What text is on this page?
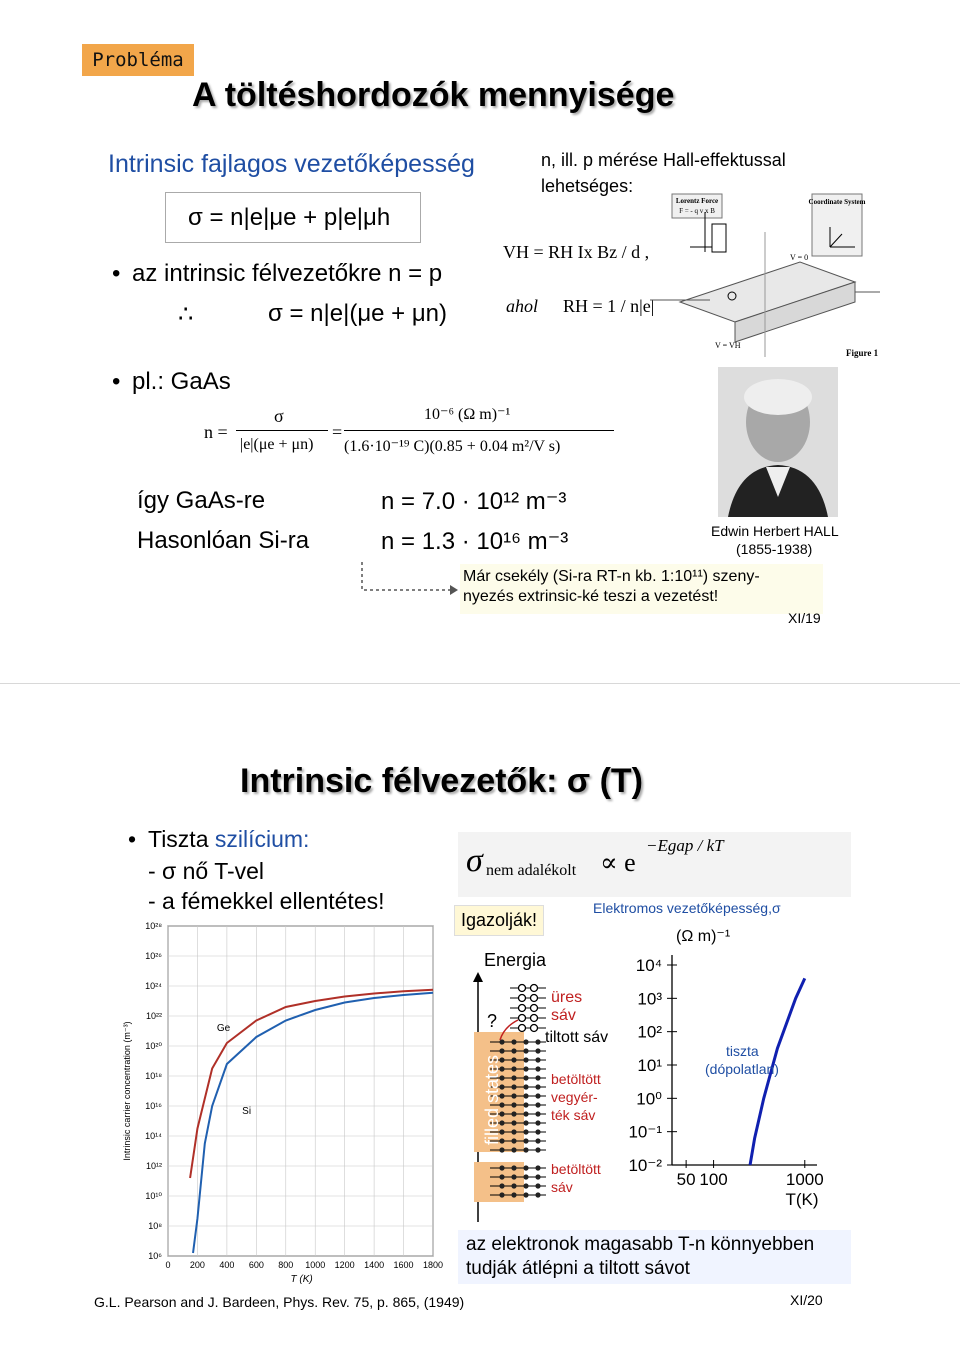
Probléma
A töltéshordozók mennyisége
Intrinsic fajlagos vezetőképesség
σ = n|e|μe + p|e|μh
• az intrinsic félvezetőkre n = p
∴	σ = n|e|(μe + μn)
n, ill. p mérése Hall-effektussal
lehetséges:
VH = RH Ix Bz / d ,
ahol RH = 1 / n|e|
Lorentz Force
F = - q v x B
Coordinate System
V = 0
V = VH
Figure 1
• pl.: GaAs
n =
σ
|e|(μe + μn)
=
10⁻⁶ (Ω m)⁻¹
(1.6·10⁻¹⁹ C)(0.85 + 0.04 m²/V s)
így GaAs-re	n = 7.0 · 10¹² m⁻³
Hasonlóan Si-ra	n = 1.3 · 10¹⁶ m⁻³	Edwin Herbert HALL
(1855-1938)
Már csekély (Si-ra RT-n kb. 1:10¹¹) szeny-
nyezés extrinsic-ké teszi a vezetést!
XI/19
Intrinsic félvezetők: σ (T)
• Tiszta szilícium:
- σ nő T-vel
- a fémekkel ellentétes!
10⁶
10⁸
10¹⁰
10¹²
10¹⁴
10¹⁶
10¹⁸
10²⁰
10²²
10²⁴
10²⁶
10²⁸
0 200 400 600 800 1000 1200 1400 1600 1800
T (K)
Intrinsic carrier concentration (m⁻³)	Ge
Si
G.L. Pearson and J. Bardeen, Phys. Rev. 75, p. 865, (1949)
σ nem adalékolt ∝ e
−Egap / kT
Igazolják!
Energia
üres
sáv
?
tiltott sáv
betöltött
vegyér-
ték sáv
betöltött
sáv
filled states
Elektromos vezetőképesség,σ
(Ω m)⁻¹
10⁴
10³
10²
10¹
10⁰
10⁻¹
10⁻²
50 100	1000
T(K)
tiszta
(dópolatlan)
az elektronok magasabb T-n könnyebben
tudják átlépni a tiltott sávot
XI/20
